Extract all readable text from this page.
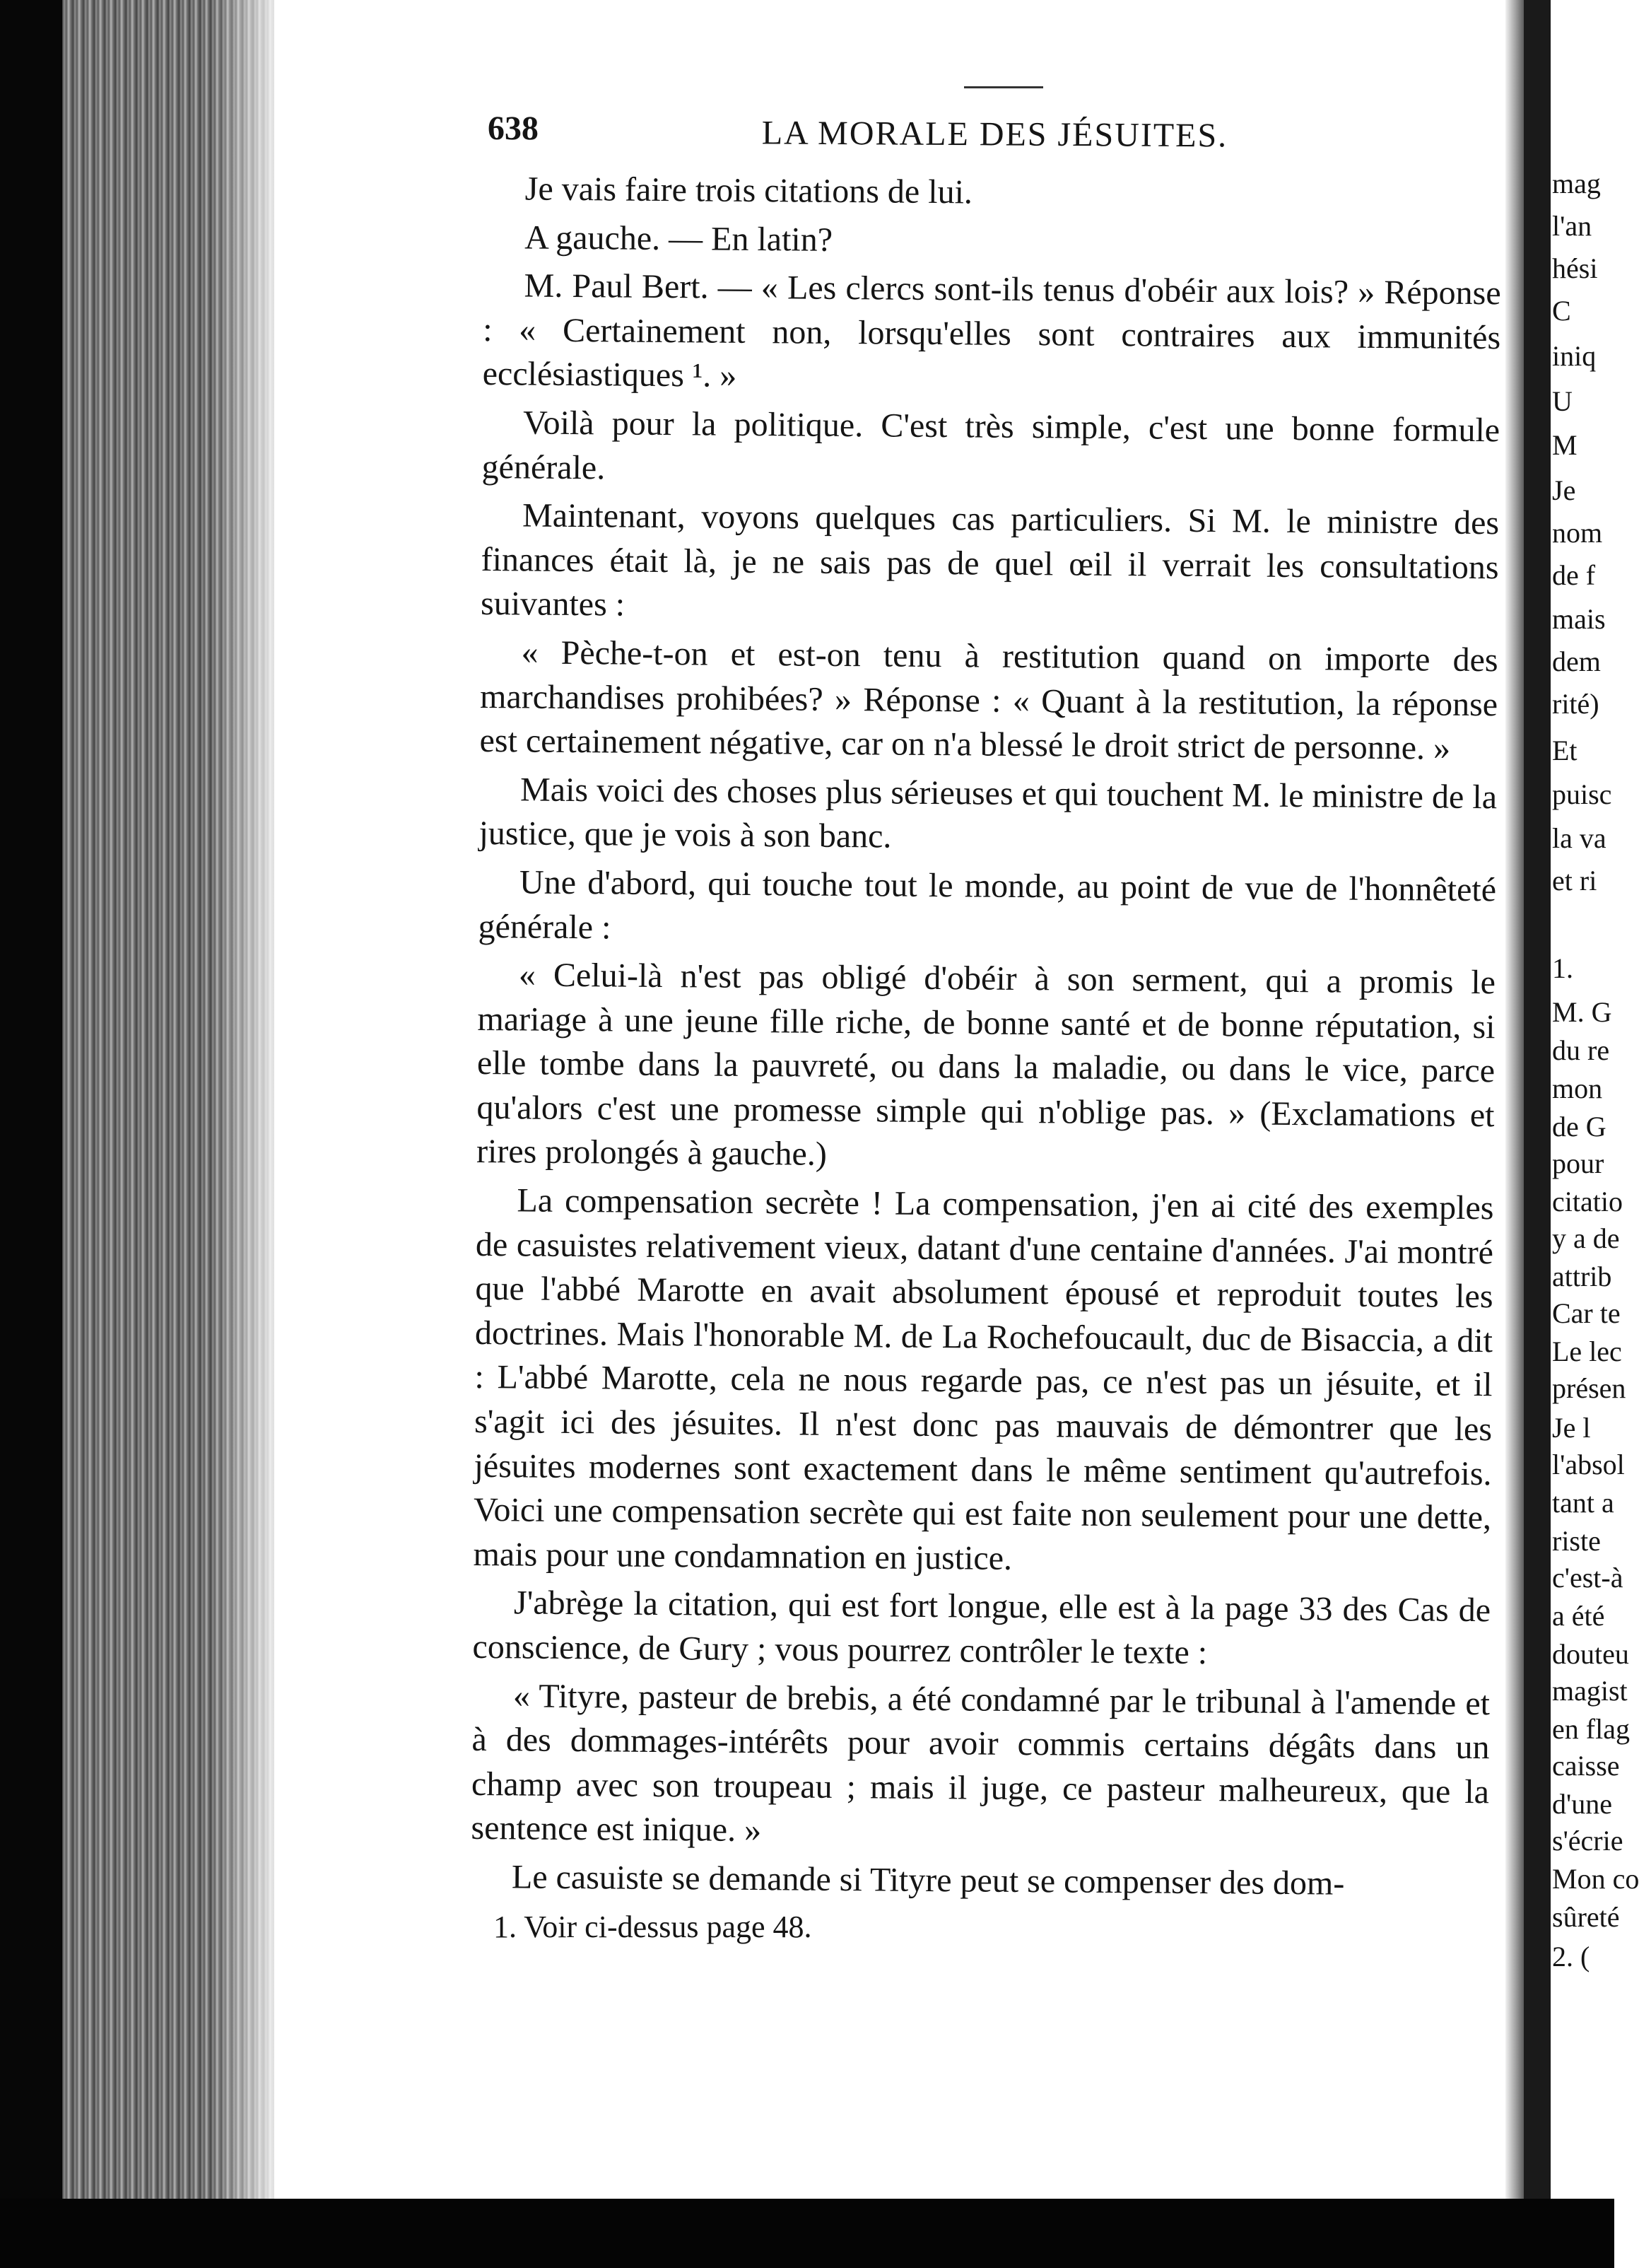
638	LA MORALE DES JÉSUITES.

Je vais faire trois citations de lui.

A gauche. — En latin?

M. Paul Bert. — « Les clercs sont-ils tenus d'obéir aux lois? » Réponse : « Certainement non, lorsqu'elles sont contraires aux immunités ecclésiastiques ¹. »

Voilà pour la politique. C'est très simple, c'est une bonne formule générale.

Maintenant, voyons quelques cas particuliers. Si M. le ministre des finances était là, je ne sais pas de quel œil il verrait les consultations suivantes :

« Pèche-t-on et est-on tenu à restitution quand on importe des marchandises prohibées? » Réponse : « Quant à la restitution, la réponse est certainement négative, car on n'a blessé le droit strict de personne. »

Mais voici des choses plus sérieuses et qui touchent M. le ministre de la justice, que je vois à son banc.

Une d'abord, qui touche tout le monde, au point de vue de l'honnêteté générale :

« Celui-là n'est pas obligé d'obéir à son serment, qui a promis le mariage à une jeune fille riche, de bonne santé et de bonne réputation, si elle tombe dans la pauvreté, ou dans la maladie, ou dans le vice, parce qu'alors c'est une promesse simple qui n'oblige pas. » (Exclamations et rires prolongés à gauche.)

La compensation secrète ! La compensation, j'en ai cité des exemples de casuistes relativement vieux, datant d'une centaine d'années. J'ai montré que l'abbé Marotte en avait absolument épousé et reproduit toutes les doctrines. Mais l'honorable M. de La Rochefoucault, duc de Bisaccia, a dit : L'abbé Marotte, cela ne nous regarde pas, ce n'est pas un jésuite, et il s'agit ici des jésuites. Il n'est donc pas mauvais de démontrer que les jésuites modernes sont exactement dans le même sentiment qu'autrefois. Voici une compensation secrète qui est faite non seulement pour une dette, mais pour une condamnation en justice.

J'abrège la citation, qui est fort longue, elle est à la page 33 des Cas de conscience, de Gury ; vous pourrez contrôler le texte :

« Tityre, pasteur de brebis, a été condamné par le tribunal à l'amende et à des dommages-intérêts pour avoir commis certains dégâts dans un champ avec son troupeau ; mais il juge, ce pasteur malheureux, que la sentence est inique. »

Le casuiste se demande si Tityre peut se compenser des dom-

1. Voir ci-dessus page 48.
mag
l'an
hési
C
iniq
U
M
Je
nom
de f
mais
dem
rité)
Et
puisc
la va
et ri
1.
M. G
du re
mon
de G
pour
citatio
y a de
attrib
Car te
Le lec
présen
Je l
l'absol
tant a
riste
c'est-à
a été
douteu
magist
en flag
caisse
d'une
s'écrie
Mon co
sûreté
2. (
